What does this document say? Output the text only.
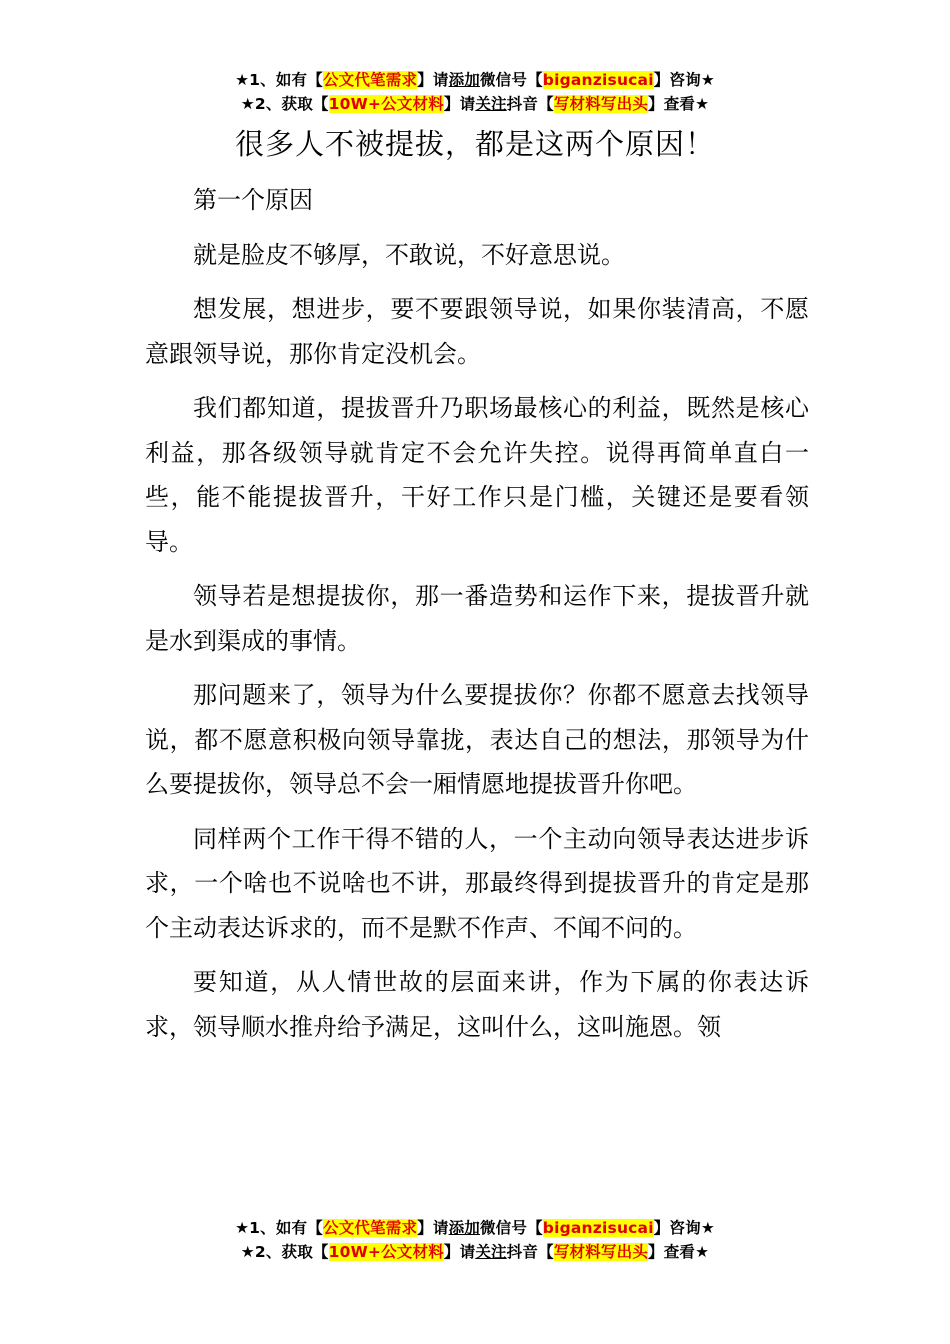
★1、如有【公文代笔需求】请添加微信号【biganzisucai】咨询★
★2、获取【10W+公文材料】请关注抖音【写材料写出头】查看★
很多人不被提拔，都是这两个原因！

第一个原因

就是脸皮不够厚，不敢说，不好意思说。

想发展，想进步，要不要跟领导说，如果你装清高，不愿意跟领导说，那你肯定没机会。

我们都知道，提拔晋升乃职场最核心的利益，既然是核心利益，那各级领导就肯定不会允许失控。说得再简单直白一些，能不能提拔晋升，干好工作只是门槛，关键还是要看领导。

领导若是想提拔你，那一番造势和运作下来，提拔晋升就是水到渠成的事情。

那问题来了，领导为什么要提拔你？你都不愿意去找领导说，都不愿意积极向领导靠拢，表达自己的想法，那领导为什么要提拔你，领导总不会一厢情愿地提拔晋升你吧。

同样两个工作干得不错的人，一个主动向领导表达进步诉求，一个啥也不说啥也不讲，那最终得到提拔晋升的肯定是那个主动表达诉求的，而不是默不作声、不闻不问的。

要知道，从人情世故的层面来讲，作为下属的你表达诉求，领导顺水推舟给予满足，这叫什么，这叫施恩。领

★1、如有【公文代笔需求】请添加微信号【biganzisucai】咨询★
★2、获取【10W+公文材料】请关注抖音【写材料写出头】查看★
